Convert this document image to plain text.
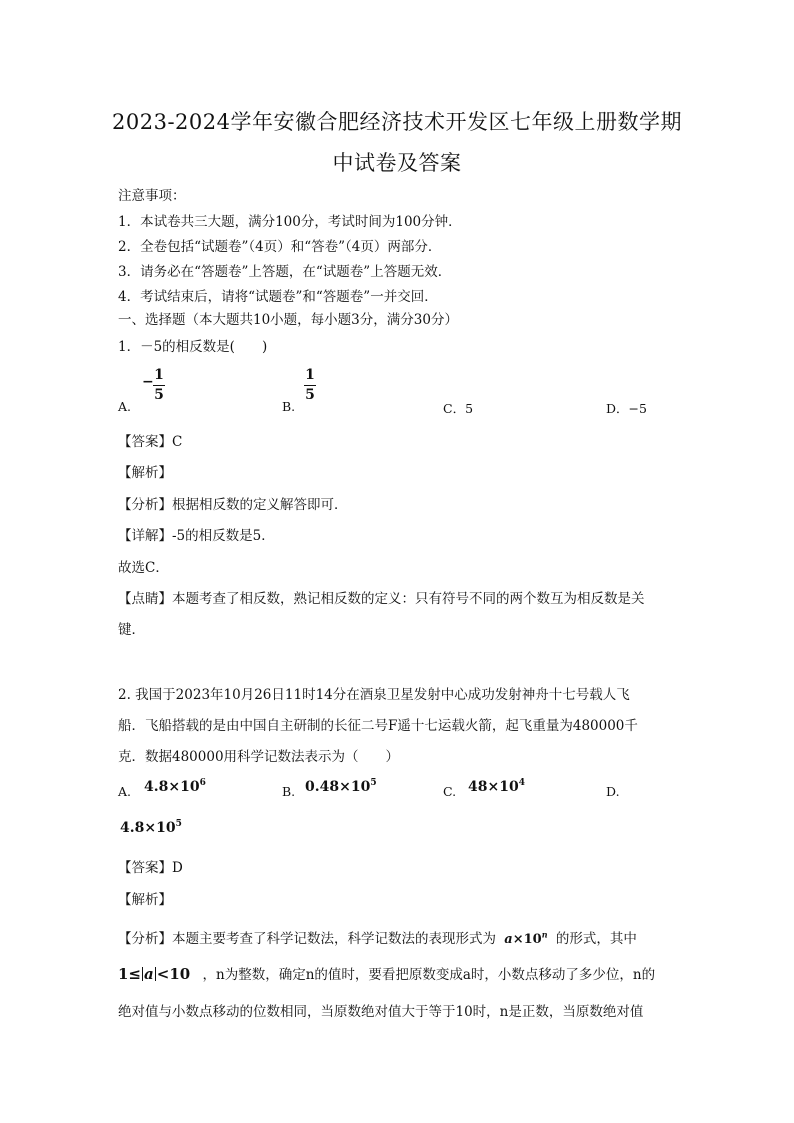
2023-2024学年安徽合肥经济技术开发区七年级上册数学期
中试卷及答案
注意事项：
1．本试卷共三大题，满分100分，考试时间为100分钟．
2．全卷包括“试题卷”（4页）和“答卷”（4页）两部分．
3．请务必在“答题卷”上答题，在“试题卷”上答题无效．
4．考试结束后，请将“试题卷”和“答题卷”一并交回．
一、选择题（本大题共10小题，每小题3分，满分30分）
1．－5的相反数是(　　)
A.
− 1
5
B.
1
5
C．5	D．−5
【答案】C
【解析】
【分析】根据相反数的定义解答即可．
【详解】-5的相反数是5．
故选C．
【点睛】本题考查了相反数，熟记相反数的定义：只有符号不同的两个数互为相反数是关
键．
2. 我国于2023年10月26日11时14分在酒泉卫星发射中心成功发射神舟十七号载人飞
船．飞船搭载的是由中国自主研制的长征二号F遥十七运载火箭，起飞重量为480000千
克．数据480000用科学记数法表示为（　　）
A. $4.8\times 10^6$
B. $0.48\times 10^5$
C. $48\times 10^4$
D.
$4.8\times 10^5$
【答案】D
【解析】
【分析】本题主要考查了科学记数法，科学记数法的表现形式为 $a\times 10^n$ 的形式，其中
1≤ a <10 ，n为整数，确定n的值时，要看把原数变成a时，小数点移动了多少位，n的
绝对值与小数点移动的位数相同，当原数绝对值大于等于10时，n是正数，当原数绝对值
